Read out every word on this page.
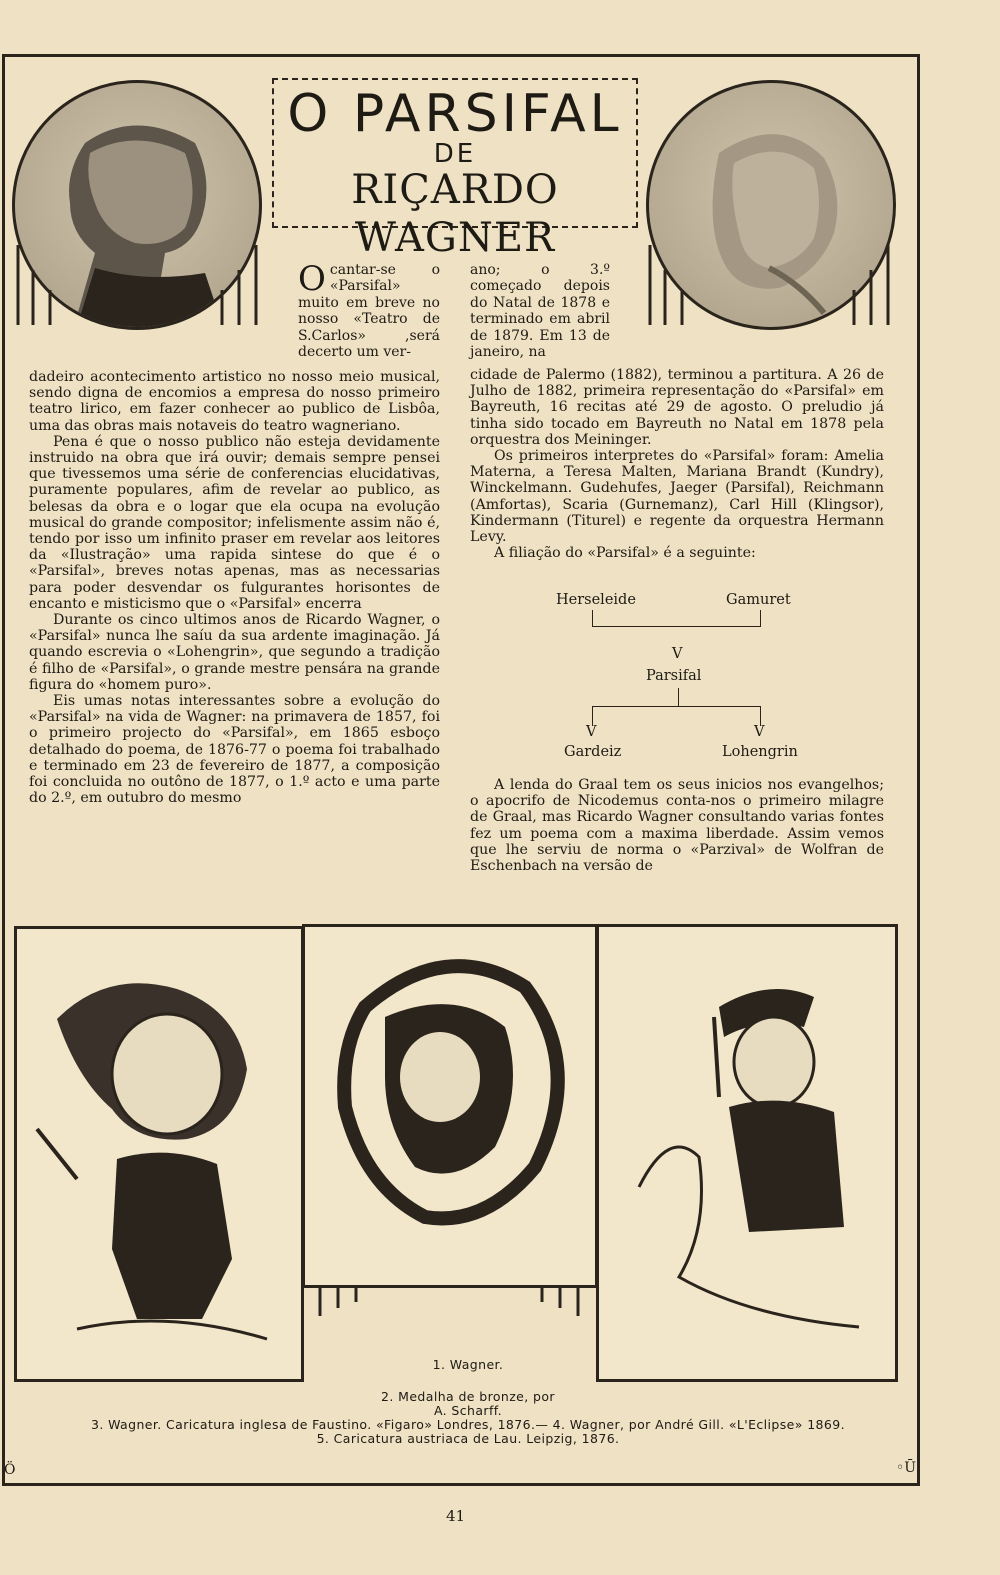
O PARSIFAL
DE
RIÇARDO WAGNER
O cantar-se o «Parsifal» muito em breve no nosso «Teatro de S.Carlos» ,será decerto um ver-

dadeiro acontecimento artistico no nosso meio musical, sendo digna de encomios a empresa do nosso primeiro teatro lirico, em fazer conhecer ao publico de Lisbôa, uma das obras mais notaveis do teatro wagneriano.

Pena é que o nosso publico não esteja devidamente instruido na obra que irá ouvir; demais sempre pensei que tivessemos uma série de conferencias elucidativas, puramente populares, afim de revelar ao publico, as belesas da obra e o logar que ela ocupa na evolução musical do grande compositor; infelismente assim não é, tendo por isso um infinito praser em revelar aos leitores da «Ilustração» uma rapida sintese do que é o «Parsifal», breves notas apenas, mas as necessarias para poder desvendar os fulgurantes horisontes de encanto e misticismo que o «Parsifal» encerra

Durante os cinco ultimos anos de Ricardo Wagner, o «Parsifal» nunca lhe saíu da sua ardente imaginação. Já quando escrevia o «Lohengrin», que segundo a tradição é filho de «Parsifal», o grande mestre pensára na grande figura do «homem puro».

Eis umas notas interessantes sobre a evolução do «Parsifal» na vida de Wagner: na primavera de 1857, foi o primeiro projecto do «Parsifal», em 1865 esboço detalhado do poema, de 1876-77 o poema foi trabalhado e terminado em 23 de fevereiro de 1877, a composição foi concluida no outôno de 1877, o 1.º acto e uma parte do 2.º, em outubro do mesmo

ano; o 3.º começado depois do Natal de 1878 e terminado em abril de 1879. Em 13 de janeiro, na

cidade de Palermo (1882), terminou a partitura. A 26 de Julho de 1882, primeira representação do «Parsifal» em Bayreuth, 16 recitas até 29 de agosto. O preludio já tinha sido tocado em Bayreuth no Natal em 1878 pela orquestra dos Meininger.

Os primeiros interpretes do «Parsifal» foram: Amelia Materna, a Teresa Malten, Mariana Brandt (Kundry), Winckelmann. Gudehufes, Jaeger (Parsifal), Reichmann (Amfortas), Scaria (Gurnemanz), Carl Hill (Klingsor), Kindermann (Titurel) e regente da orquestra Hermann Levy.

A filiação do «Parsifal» é a seguinte:

Herseleide	Gamuret
V
Parsifal
V	V
Gardeiz	Lohengrin

A lenda do Graal tem os seus inicios nos evangelhos; o apocrifo de Nicodemus conta-nos o primeiro milagre de Graal, mas Ricardo Wagner consultando varias fontes fez um poema com a maxima liberdade. Assim vemos que lhe serviu de norma o «Parzival» de Wolfran de Eschenbach na versão de

1. Wagner.
2. Medalha de bronze, por
A. Scharff.
3. Wagner. Caricatura inglesa de Faustino. «Figaro» Londres, 1876.— 4. Wagner, por André Gill. «L'Eclipse» 1869.
5. Caricatura austriaca de Lau. Leipzig, 1876.
Ö	◦Ū
41
